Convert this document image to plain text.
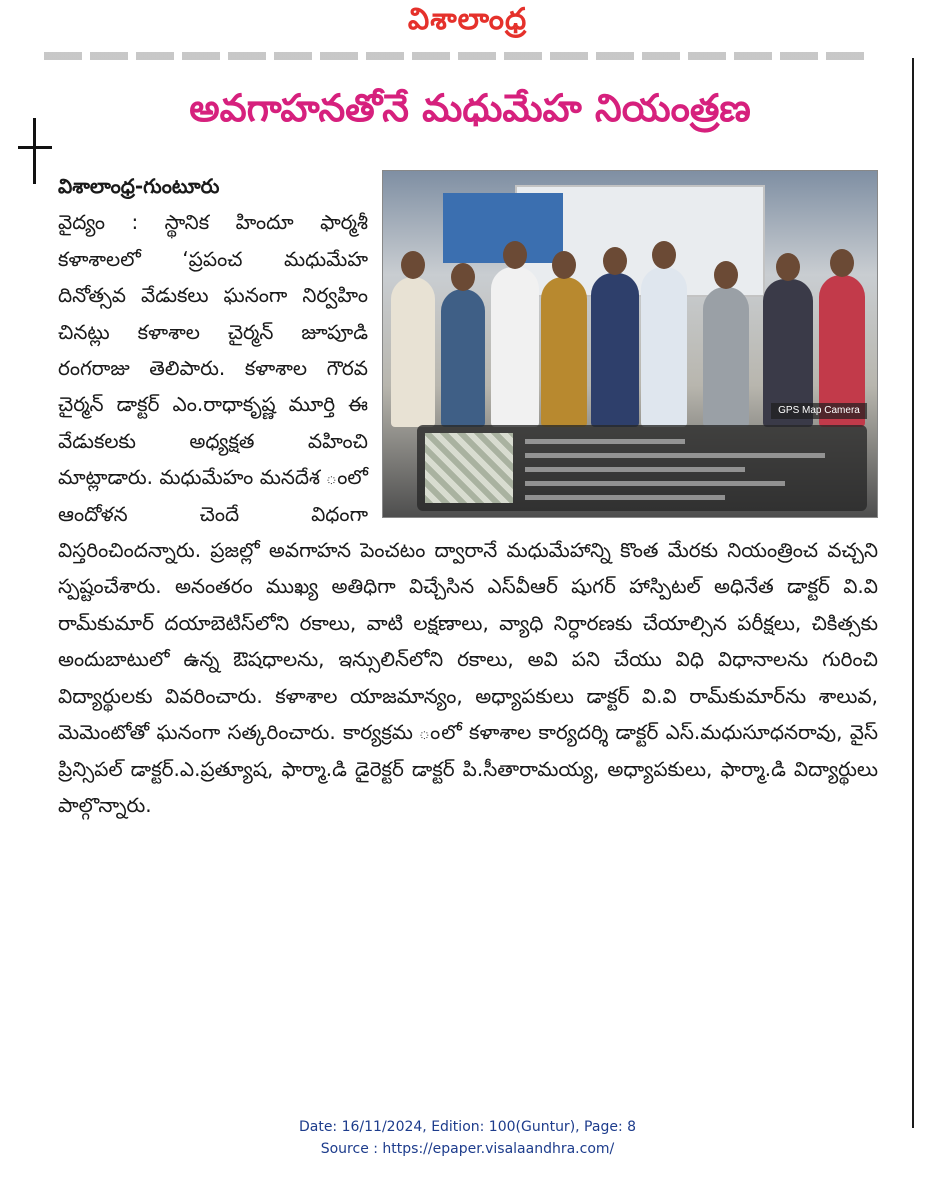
విశాలాంధ్ర
అవగాహనతోనే మధుమేహ నియంత్రణ
GPS Map Camera

విశాలాంధ్ర-గుంటూరు
వైద్యం : స్థానిక హిందూ ఫార్మశీ కళాశాలలో ‘ప్రపంచ మధుమేహ దినోత్సవ వేడుకలు ఘనంగా నిర్వహిం చినట్లు కళాశాల చైర్మన్ జూపూడి రంగరాజు తెలిపారు. కళాశాల గౌరవ చైర్మన్ డాక్టర్ ఎం.రాధాకృష్ణ మూర్తి ఈ వేడుకలకు అధ్యక్షత వహించి మాట్లాడారు. మధుమేహం మనదేశ ంలో ఆందోళన చెందే విధంగా విస్తరించిందన్నారు. ప్రజల్లో అవగాహన పెంచటం ద్వారానే మధుమేహాన్ని కొంత మేరకు నియంత్రించ వచ్చని స్పష్టంచేశారు. అనంతరం ముఖ్య అతిధిగా విచ్చేసిన ఎస్‌వీఆర్ షుగర్ హాస్పిటల్ అధినేత డాక్టర్ వి.వి రామ్‌కుమార్ దయాబెటిస్‌లోని రకాలు, వాటి లక్షణాలు, వ్యాధి నిర్ధారణకు చేయాల్సిన పరీక్షలు, చికిత్సకు అందుబాటులో ఉన్న ఔషధాలను, ఇన్సులిన్‌లోని రకాలు, అవి పని చేయు విధి విధానాలను గురించి విద్యార్థులకు వివరించారు. కళాశాల యాజమాన్యం, అధ్యాపకులు డాక్టర్ వి.వి రామ్‌కుమార్‌ను శాలువ, మెమెంటోతో ఘనంగా సత్కరించారు. కార్యక్రమ ంలో కళాశాల కార్యదర్శి డాక్టర్ ఎస్.మధుసూధనరావు, వైస్ ప్రిన్సిపల్ డాక్టర్.ఎ.ప్రత్యూష, ఫార్మా.డి డైరెక్టర్ డాక్టర్ పి.సీతారామయ్య, అధ్యాపకులు, ఫార్మా.డి విద్యార్థులు పాల్గొన్నారు.

Date: 16/11/2024, Edition: 100(Guntur), Page: 8
Source : https://epaper.visalaandhra.com/
